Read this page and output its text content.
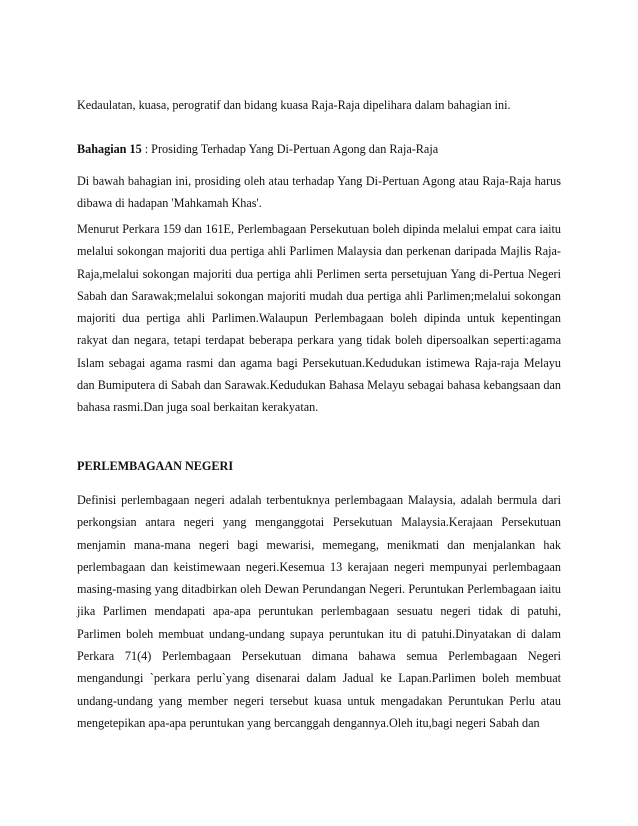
Kedaulatan, kuasa, perogratif dan bidang kuasa Raja-Raja dipelihara dalam bahagian ini.

Bahagian 15 : Prosiding Terhadap Yang Di-Pertuan Agong dan Raja-Raja

Di bawah bahagian ini, prosiding oleh atau terhadap Yang Di-Pertuan Agong atau Raja-Raja harus dibawa di hadapan 'Mahkamah Khas'.

Menurut Perkara 159 dan 161E, Perlembagaan Persekutuan boleh dipinda melalui empat cara iaitu melalui sokongan majoriti dua pertiga ahli Parlimen Malaysia dan perkenan daripada Majlis Raja-Raja,melalui sokongan majoriti dua pertiga ahli Perlimen serta persetujuan Yang di-Pertua Negeri Sabah dan Sarawak;melalui sokongan majoriti mudah dua pertiga ahli Parlimen;melalui sokongan majoriti dua pertiga ahli Parlimen.Walaupun Perlembagaan boleh dipinda untuk kepentingan rakyat dan negara, tetapi terdapat beberapa perkara yang tidak boleh dipersoalkan seperti:agama Islam sebagai agama rasmi dan agama bagi Persekutuan.Kedudukan istimewa Raja-raja Melayu dan Bumiputera di Sabah dan Sarawak.Kedudukan Bahasa Melayu sebagai bahasa kebangsaan dan bahasa rasmi.Dan juga soal berkaitan kerakyatan.

PERLEMBAGAAN NEGERI

Definisi perlembagaan negeri adalah terbentuknya perlembagaan Malaysia, adalah bermula dari perkongsian antara negeri yang menganggotai Persekutuan Malaysia.Kerajaan Persekutuan menjamin mana-mana negeri bagi mewarisi, memegang, menikmati dan menjalankan hak perlembagaan dan keistimewaan negeri.Kesemua 13 kerajaan negeri mempunyai perlembagaan masing-masing yang ditadbirkan oleh Dewan Perundangan Negeri. Peruntukan Perlembagaan iaitu jika Parlimen mendapati apa-apa peruntukan perlembagaan sesuatu negeri tidak di patuhi, Parlimen boleh membuat undang-undang supaya peruntukan itu di patuhi.Dinyatakan di dalam Perkara 71(4) Perlembagaan Persekutuan dimana bahawa semua Perlembagaan Negeri mengandungi `perkara perlu`yang disenarai dalam Jadual ke Lapan.Parlimen boleh membuat undang-undang yang member negeri tersebut kuasa untuk mengadakan Peruntukan Perlu atau mengetepikan apa-apa peruntukan yang bercanggah dengannya.Oleh itu,bagi negeri Sabah dan
